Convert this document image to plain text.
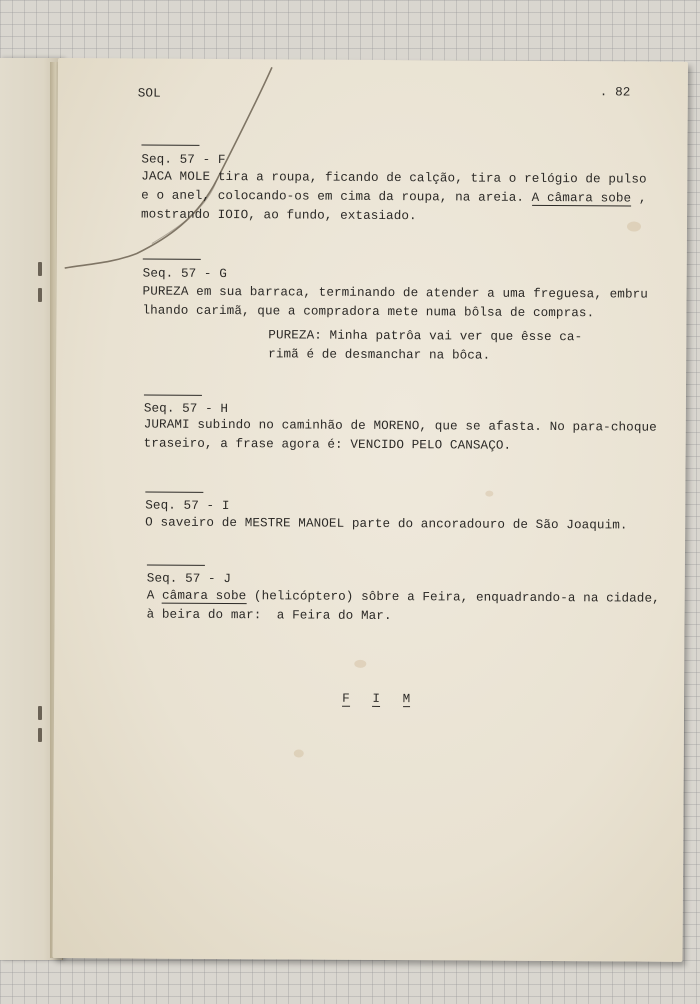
SOL	. 82
Seq. 57 - F
JACA MOLE tira a roupa, ficando de calção, tira o relógio de pulso
e o anel, colocando-os em cima da roupa, na areia. A câmara sobe ,
mostrando IOIO, ao fundo, extasiado.
Seq. 57 - G
PUREZA em sua barraca, terminando de atender a uma freguesa, embru
lhando carimã, que a compradora mete numa bôlsa de compras.
PUREZA: Minha patrôa vai ver que êsse ca-
rimã é de desmanchar na bôca.
Seq. 57 - H
JURAMI subindo no caminhão de MORENO, que se afasta. No para-choque
traseiro, a frase agora é: VENCIDO PELO CANSAÇO.
Seq. 57 - I
O saveiro de MESTRE MANOEL parte do ancoradouro de São Joaquim.
Seq. 57 - J
A câmara sobe (helicóptero) sôbre a Feira, enquadrando-a na cidade,
à beira do mar:  a Feira do Mar.
F I M
